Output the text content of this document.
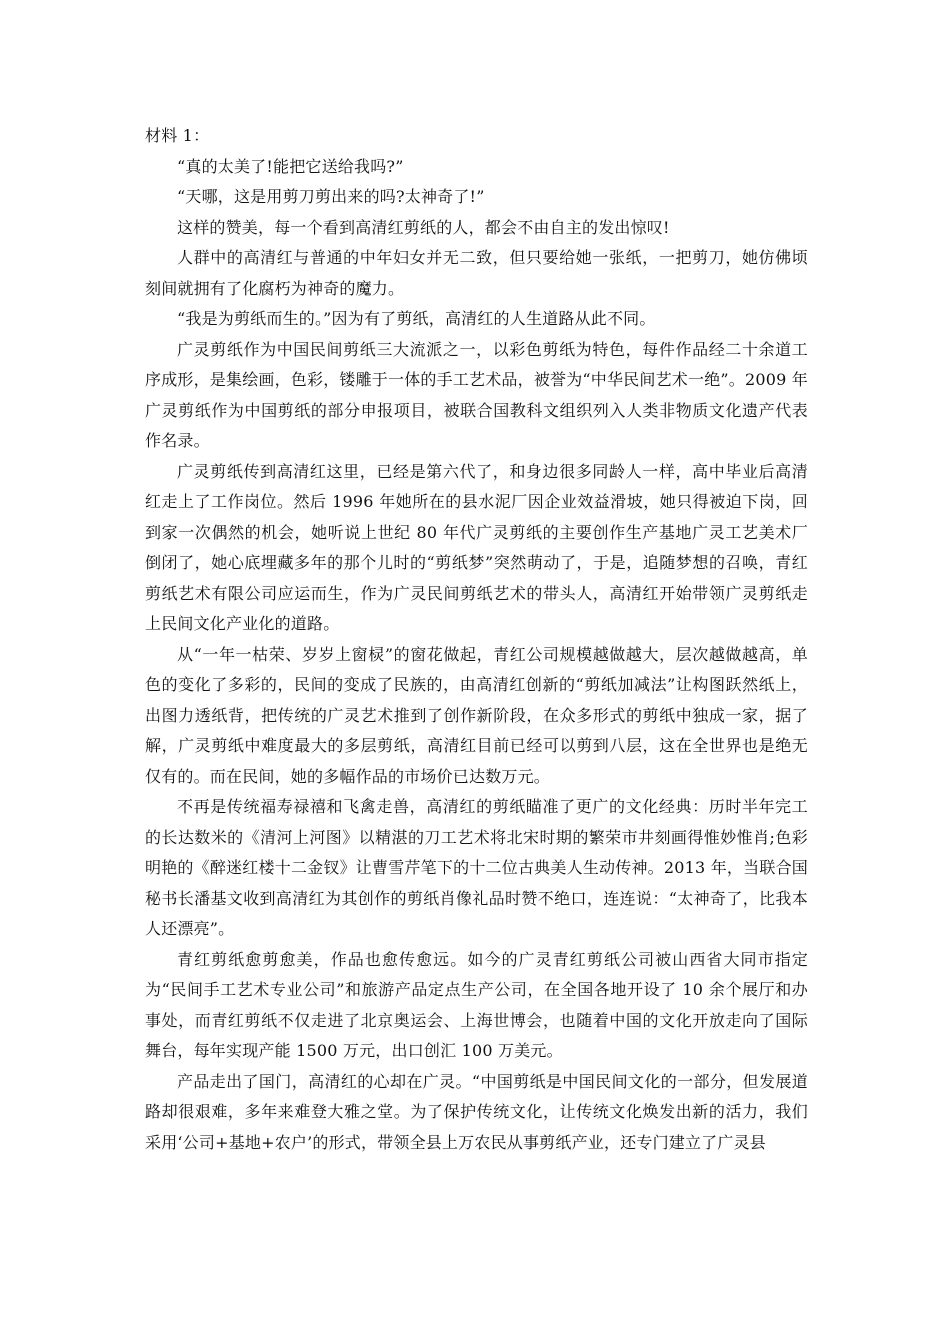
材料 1：

“真的太美了!能把它送给我吗?”

“天哪，这是用剪刀剪出来的吗?太神奇了!”

这样的赞美，每一个看到高清红剪纸的人，都会不由自主的发出惊叹!

人群中的高清红与普通的中年妇女并无二致，但只要给她一张纸，一把剪刀，她仿佛顷刻间就拥有了化腐朽为神奇的魔力。

“我是为剪纸而生的。”因为有了剪纸，高清红的人生道路从此不同。

广灵剪纸作为中国民间剪纸三大流派之一，以彩色剪纸为特色，每件作品经二十余道工序成形，是集绘画，色彩，镂雕于一体的手工艺术品，被誉为“中华民间艺术一绝”。2009 年广灵剪纸作为中国剪纸的部分申报项目，被联合国教科文组织列入人类非物质文化遗产代表作名录。

广灵剪纸传到高清红这里，已经是第六代了，和身边很多同龄人一样，高中毕业后高清红走上了工作岗位。然后 1996 年她所在的县水泥厂因企业效益滑坡，她只得被迫下岗，回到家一次偶然的机会，她听说上世纪 80 年代广灵剪纸的主要创作生产基地广灵工艺美术厂倒闭了，她心底埋藏多年的那个儿时的“剪纸梦”突然萌动了，于是，追随梦想的召唤，青红剪纸艺术有限公司应运而生，作为广灵民间剪纸艺术的带头人，高清红开始带领广灵剪纸走上民间文化产业化的道路。

从“一年一枯荣、岁岁上窗棂”的窗花做起，青红公司规模越做越大，层次越做越高，单色的变化了多彩的，民间的变成了民族的，由高清红创新的“剪纸加减法”让构图跃然纸上，出图力透纸背，把传统的广灵艺术推到了创作新阶段，在众多形式的剪纸中独成一家，据了解，广灵剪纸中难度最大的多层剪纸，高清红目前已经可以剪到八层，这在全世界也是绝无仅有的。而在民间，她的多幅作品的市场价已达数万元。

不再是传统福寿禄禧和飞禽走兽，高清红的剪纸瞄准了更广的文化经典：历时半年完工的长达数米的《清河上河图》以精湛的刀工艺术将北宋时期的繁荣市井刻画得惟妙惟肖;色彩明艳的《醉迷红楼十二金钗》让曹雪芹笔下的十二位古典美人生动传神。2013 年，当联合国秘书长潘基文收到高清红为其创作的剪纸肖像礼品时赞不绝口，连连说：“太神奇了，比我本人还漂亮”。

青红剪纸愈剪愈美，作品也愈传愈远。如今的广灵青红剪纸公司被山西省大同市指定为“民间手工艺术专业公司”和旅游产品定点生产公司，在全国各地开设了 10 余个展厅和办事处，而青红剪纸不仅走进了北京奥运会、上海世博会，也随着中国的文化开放走向了国际舞台，每年实现产能 1500 万元，出口创汇 100 万美元。

产品走出了国门，高清红的心却在广灵。“中国剪纸是中国民间文化的一部分，但发展道路却很艰难，多年来难登大雅之堂。为了保护传统文化，让传统文化焕发出新的活力，我们采用‘公司+基地+农户’的形式，带领全县上万农民从事剪纸产业，还专门建立了广灵县
